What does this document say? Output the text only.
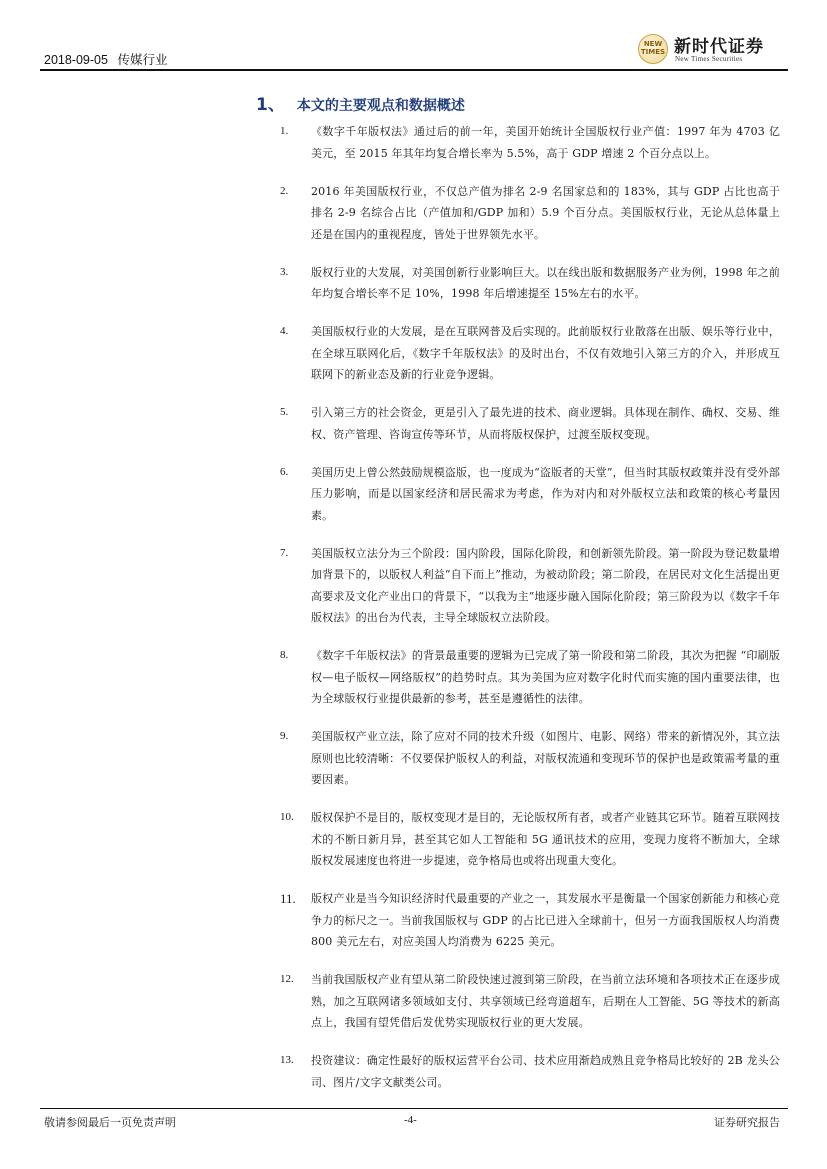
2018-09-05 传媒行业
NEW TIMES 新时代证券
New Times Securities
1、 本文的主要观点和数据概述
1. 《数字千年版权法》通过后的前一年，美国开始统计全国版权行业产值：1997 年为 4703 亿美元，至 2015 年其年均复合增长率为 5.5%，高于 GDP 增速 2 个百分点以上。
2. 2016 年美国版权行业，不仅总产值为排名 2-9 名国家总和的 183%，其与 GDP 占比也高于排名 2-9 名综合占比（产值加和/GDP 加和）5.9 个百分点。美国版权行业，无论从总体量上还是在国内的重视程度，皆处于世界领先水平。
3. 版权行业的大发展，对美国创新行业影响巨大。以在线出版和数据服务产业为例，1998 年之前年均复合增长率不足 10%，1998 年后增速提至 15%左右的水平。
4. 美国版权行业的大发展，是在互联网普及后实现的。此前版权行业散落在出版、娱乐等行业中，在全球互联网化后，《数字千年版权法》的及时出台，不仅有效地引入第三方的介入，并形成互联网下的新业态及新的行业竞争逻辑。
5. 引入第三方的社会资金，更是引入了最先进的技术、商业逻辑。具体现在制作、确权、交易、维权、资产管理、咨询宣传等环节，从而将版权保护，过渡至版权变现。
6. 美国历史上曾公然鼓励规模盗版，也一度成为“盗版者的天堂”，但当时其版权政策并没有受外部压力影响，而是以国家经济和居民需求为考虑，作为对内和对外版权立法和政策的核心考量因素。
7. 美国版权立法分为三个阶段：国内阶段，国际化阶段，和创新领先阶段。第一阶段为登记数量增加背景下的，以版权人利益“自下而上”推动，为被动阶段；第二阶段，在居民对文化生活提出更高要求及文化产业出口的背景下，“以我为主”地逐步融入国际化阶段；第三阶段为以《数字千年版权法》的出台为代表，主导全球版权立法阶段。
8. 《数字千年版权法》的背景最重要的逻辑为已完成了第一阶段和第二阶段，其次为把握 “印刷版权—电子版权—网络版权”的趋势时点。其为美国为应对数字化时代而实施的国内重要法律，也为全球版权行业提供最新的参考，甚至是遵循性的法律。
9. 美国版权产业立法，除了应对不同的技术升级（如图片、电影、网络）带来的新情况外，其立法原则也比较清晰：不仅要保护版权人的利益，对版权流通和变现环节的保护也是政策需考量的重要因素。
10. 版权保护不是目的，版权变现才是目的，无论版权所有者，或者产业链其它环节。随着互联网技术的不断日新月异，甚至其它如人工智能和 5G 通讯技术的应用，变现力度将不断加大，全球版权发展速度也将进一步提速，竞争格局也或将出现重大变化。
11. 版权产业是当今知识经济时代最重要的产业之一，其发展水平是衡量一个国家创新能力和核心竞争力的标尺之一。当前我国版权与 GDP 的占比已进入全球前十，但另一方面我国版权人均消费 800 美元左右，对应美国人均消费为 6225 美元。
12. 当前我国版权产业有望从第二阶段快速过渡到第三阶段，在当前立法环境和各项技术正在逐步成熟，加之互联网诸多领域如支付、共享领域已经弯道超车，后期在人工智能、5G 等技术的新高点上，我国有望凭借后发优势实现版权行业的更大发展。
13. 投资建议：确定性最好的版权运营平台公司、技术应用渐趋成熟且竞争格局比较好的 2B 龙头公司、图片/文字文献类公司。
敬请参阅最后一页免责声明	-4-	证券研究报告
